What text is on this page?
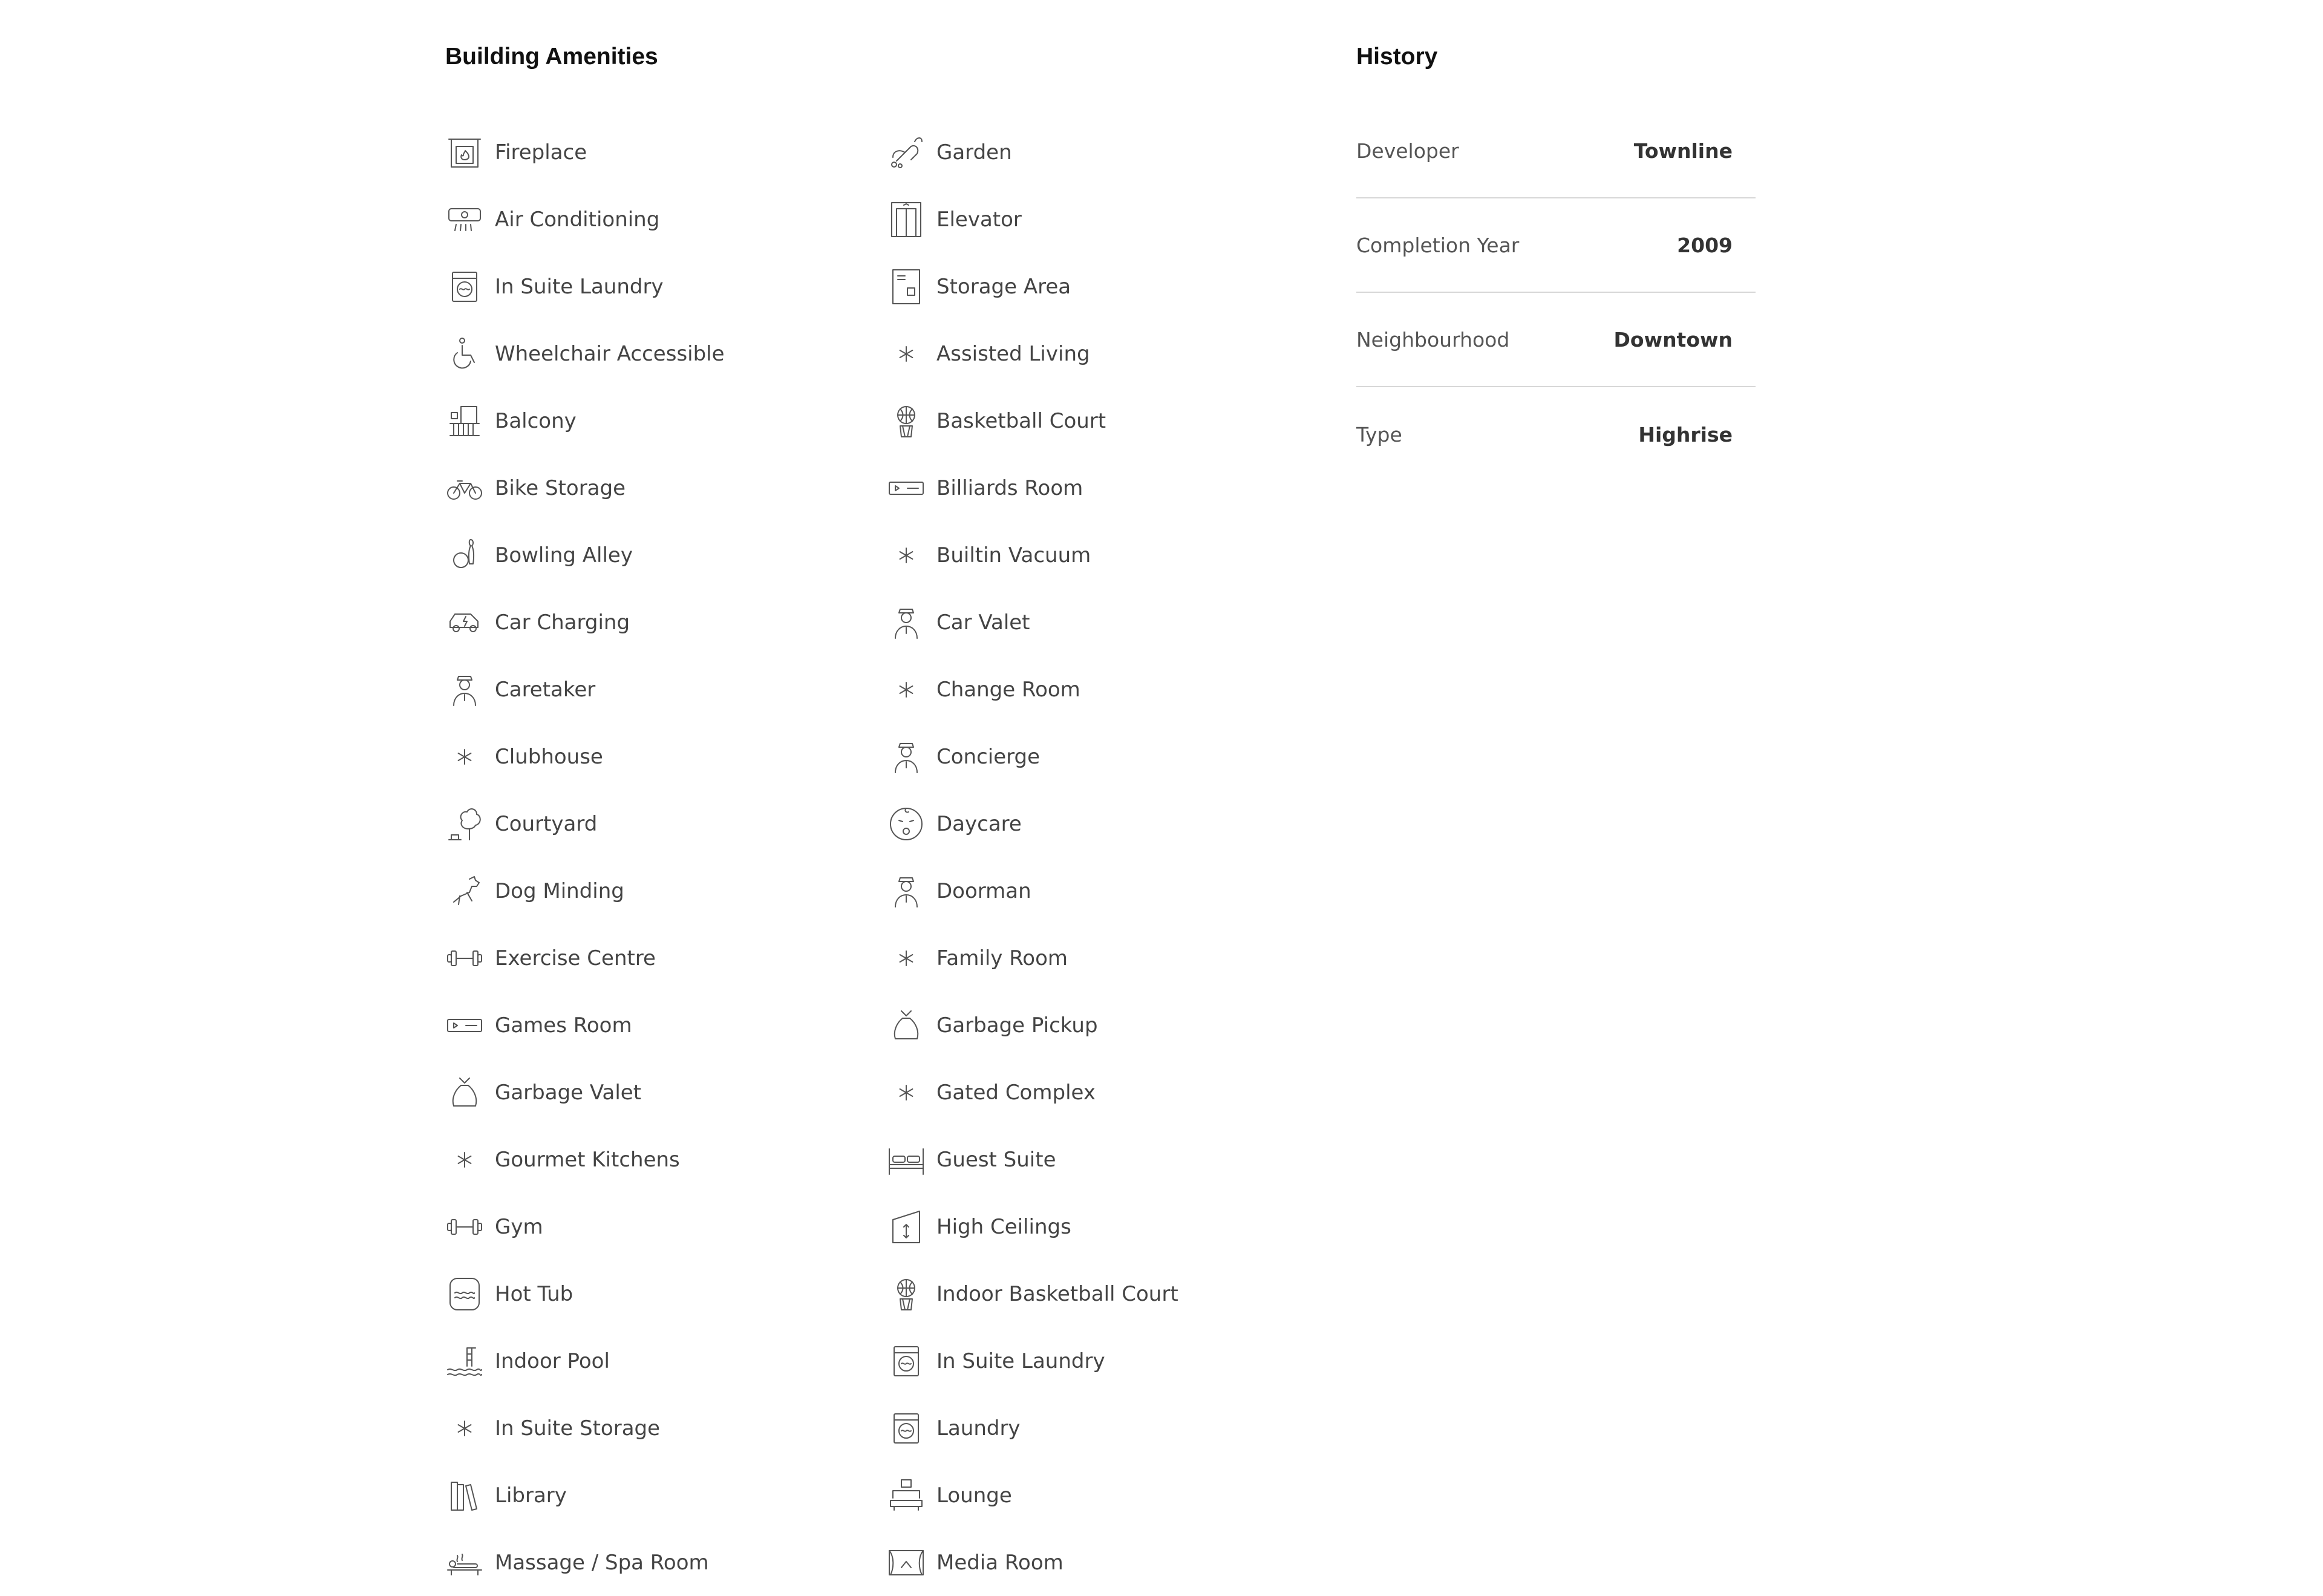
Building Amenities	History
Fireplace
Air Conditioning
In Suite Laundry
Wheelchair Accessible
Balcony
Bike Storage
Bowling Alley
Car Charging
Caretaker
Clubhouse
Courtyard
Dog Minding
Exercise Centre
Games Room
Garbage Valet
Gourmet Kitchens
Gym
Hot Tub
Indoor Pool
In Suite Storage
Library
Massage / Spa Room
Garden
Elevator
Storage Area
Assisted Living
Basketball Court
Billiards Room
Builtin Vacuum
Car Valet
Change Room
Concierge
Daycare
Doorman
Family Room
Garbage Pickup
Gated Complex
Guest Suite
High Ceilings
Indoor Basketball Court
In Suite Laundry
Laundry
Lounge
Media Room
Developer	Townline
Completion Year	2009
Neighbourhood	Downtown
Type	Highrise
